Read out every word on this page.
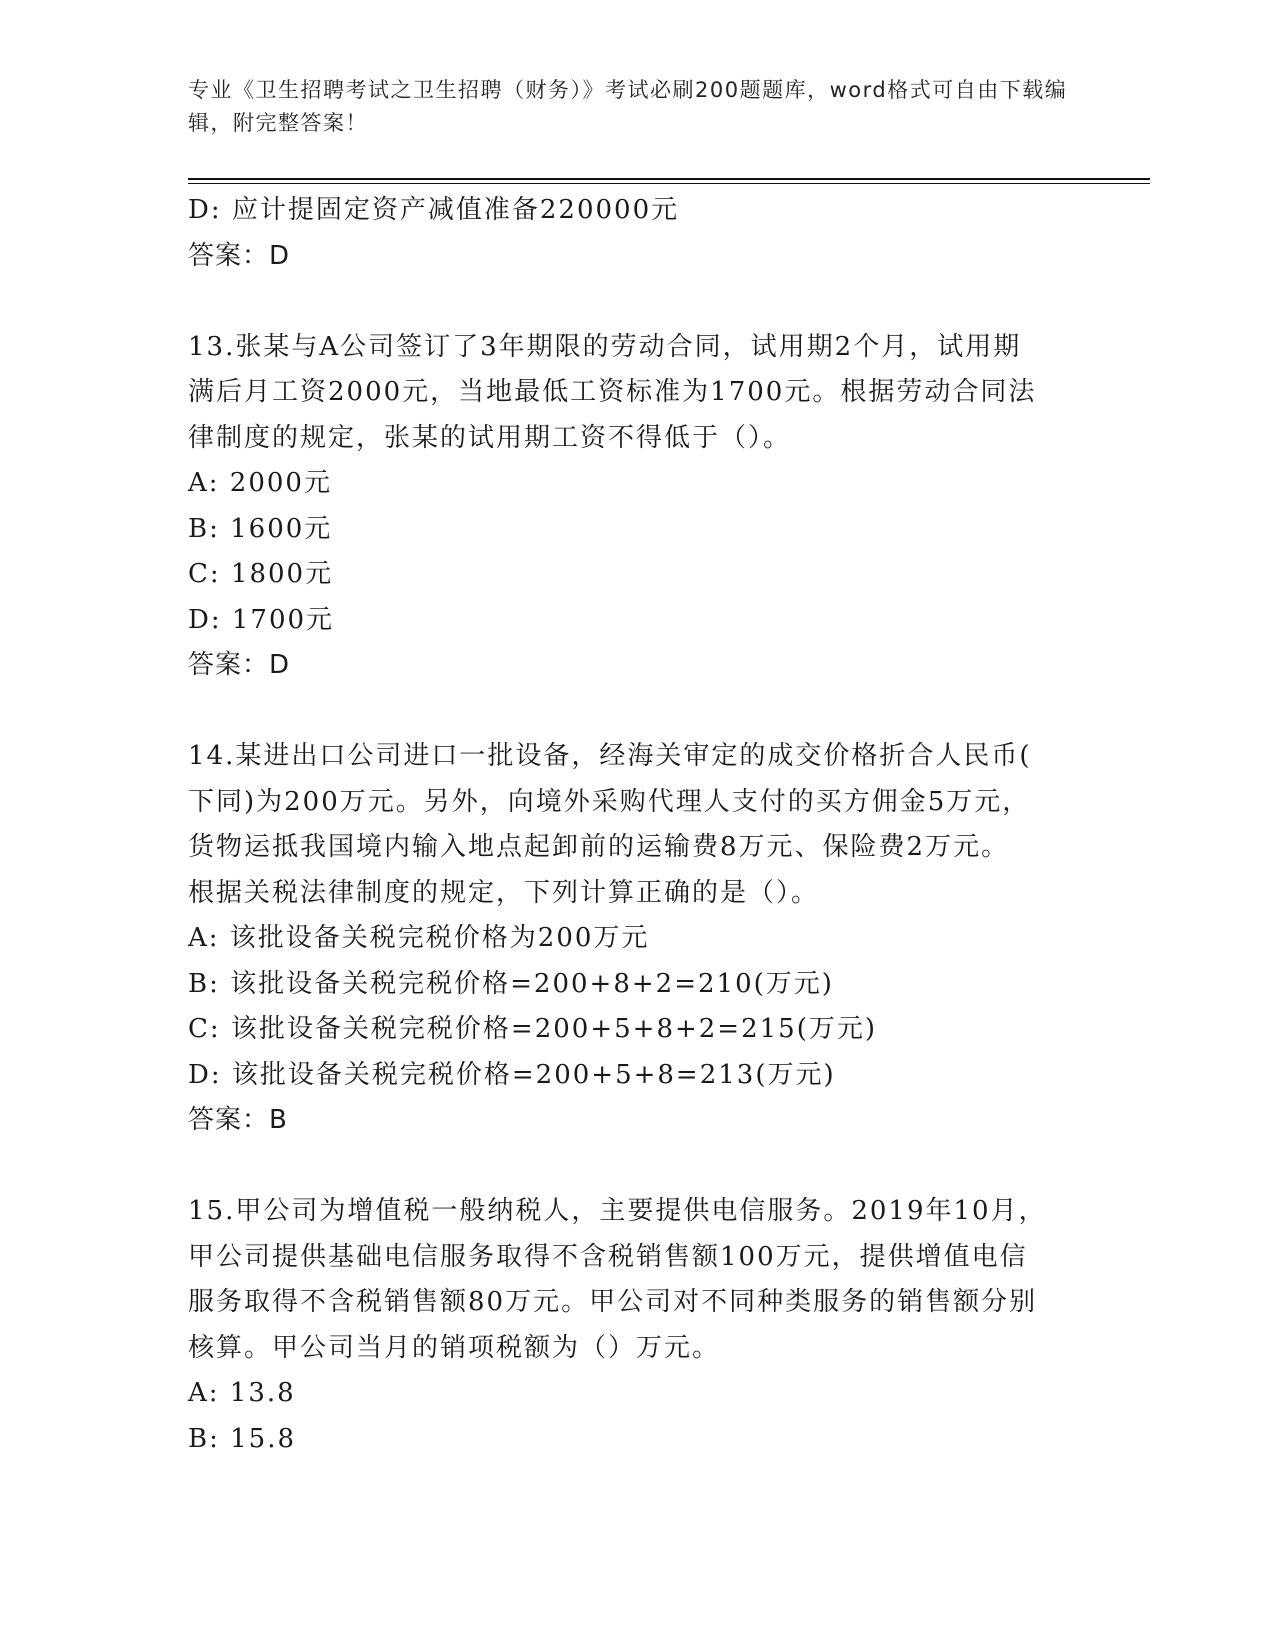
专业《卫生招聘考试之卫生招聘（财务）》考试必刷200题题库，word格式可自由下载编辑，附完整答案！
D: 应计提固定资产减值准备220000元
答案：D
13.张某与A公司签订了3年期限的劳动合同，试用期2个月，试用期
满后月工资2000元，当地最低工资标准为1700元。根据劳动合同法
律制度的规定，张某的试用期工资不得低于（）。
A: 2000元
B: 1600元
C: 1800元
D: 1700元
答案：D
14.某进出口公司进口一批设备，经海关审定的成交价格折合人民币(
下同)为200万元。另外，向境外采购代理人支付的买方佣金5万元，
货物运抵我国境内输入地点起卸前的运输费8万元、保险费2万元。
根据关税法律制度的规定，下列计算正确的是（）。
A: 该批设备关税完税价格为200万元
B: 该批设备关税完税价格=200+8+2=210(万元)
C: 该批设备关税完税价格=200+5+8+2=215(万元)
D: 该批设备关税完税价格=200+5+8=213(万元)
答案：B
15.甲公司为增值税一般纳税人，主要提供电信服务。2019年10月，
甲公司提供基础电信服务取得不含税销售额100万元，提供增值电信
服务取得不含税销售额80万元。甲公司对不同种类服务的销售额分别
核算。甲公司当月的销项税额为（）万元。
A: 13.8
B: 15.8
